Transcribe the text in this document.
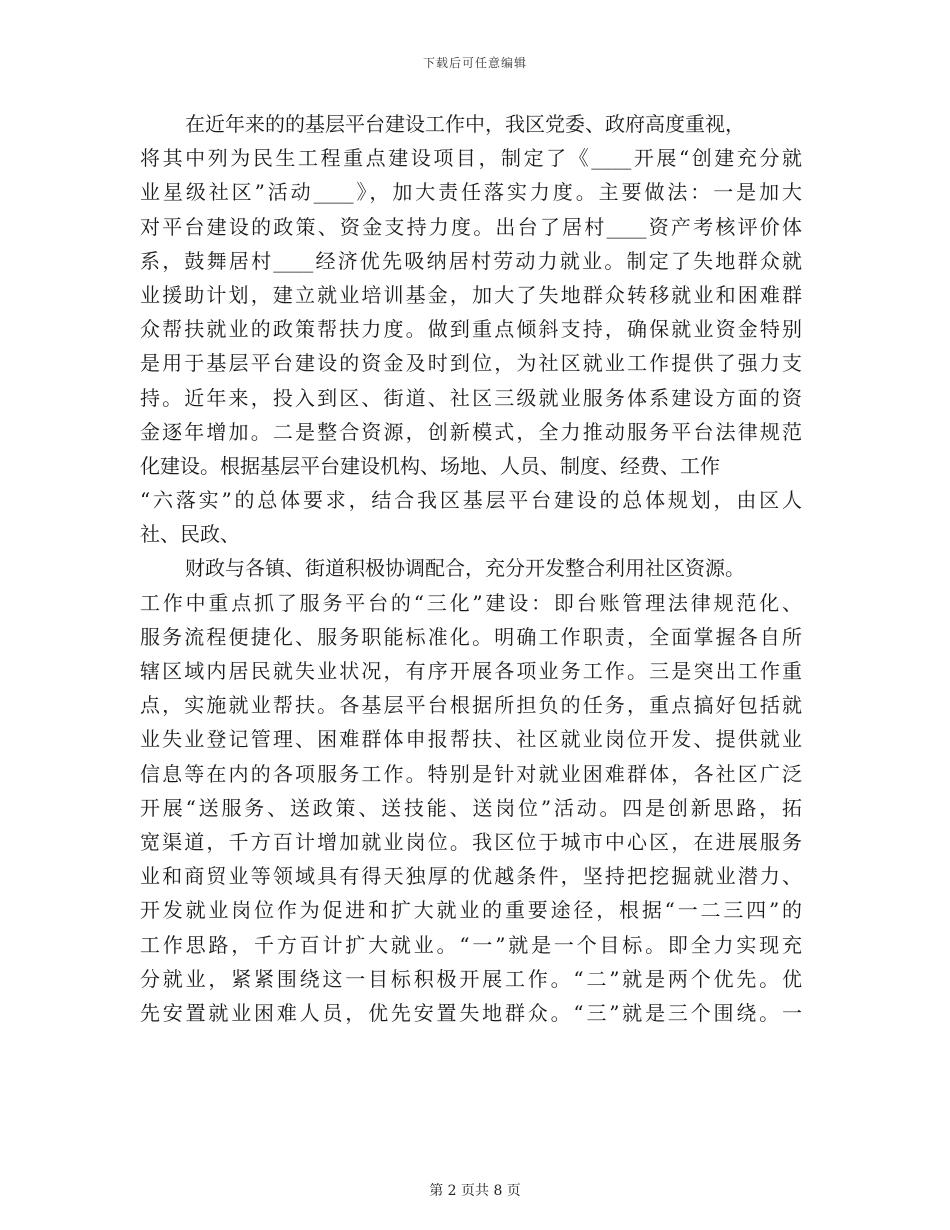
下载后可任意编辑
在近年来的的基层平台建设工作中，我区党委、政府高度重视，
将其中列为民生工程重点建设项目，制定了《____开展“创建充分就
业星级社区”活动____》，加大责任落实力度。主要做法：一是加大
对平台建设的政策、资金支持力度。出台了居村____资产考核评价体
系，鼓舞居村____经济优先吸纳居村劳动力就业。制定了失地群众就
业援助计划，建立就业培训基金，加大了失地群众转移就业和困难群
众帮扶就业的政策帮扶力度。做到重点倾斜支持，确保就业资金特别
是用于基层平台建设的资金及时到位，为社区就业工作提供了强力支
持。近年来，投入到区、街道、社区三级就业服务体系建设方面的资
金逐年增加。二是整合资源，创新模式，全力推动服务平台法律规范
化建设。根据基层平台建设机构、场地、人员、制度、经费、工作
“六落实”的总体要求，结合我区基层平台建设的总体规划，由区人
社、民政、
财政与各镇、街道积极协调配合，充分开发整合利用社区资源。
工作中重点抓了服务平台的“三化”建设：即台账管理法律规范化、
服务流程便捷化、服务职能标准化。明确工作职责，全面掌握各自所
辖区域内居民就失业状况，有序开展各项业务工作。三是突出工作重
点，实施就业帮扶。各基层平台根据所担负的任务，重点搞好包括就
业失业登记管理、困难群体申报帮扶、社区就业岗位开发、提供就业
信息等在内的各项服务工作。特别是针对就业困难群体，各社区广泛
开展“送服务、送政策、送技能、送岗位”活动。四是创新思路，拓
宽渠道，千方百计增加就业岗位。我区位于城市中心区，在进展服务
业和商贸业等领域具有得天独厚的优越条件，坚持把挖掘就业潜力、
开发就业岗位作为促进和扩大就业的重要途径，根据“一二三四”的
工作思路，千方百计扩大就业。“一”就是一个目标。即全力实现充
分就业，紧紧围绕这一目标积极开展工作。“二”就是两个优先。优
先安置就业困难人员，优先安置失地群众。“三”就是三个围绕。一
第 2 页共 8 页
